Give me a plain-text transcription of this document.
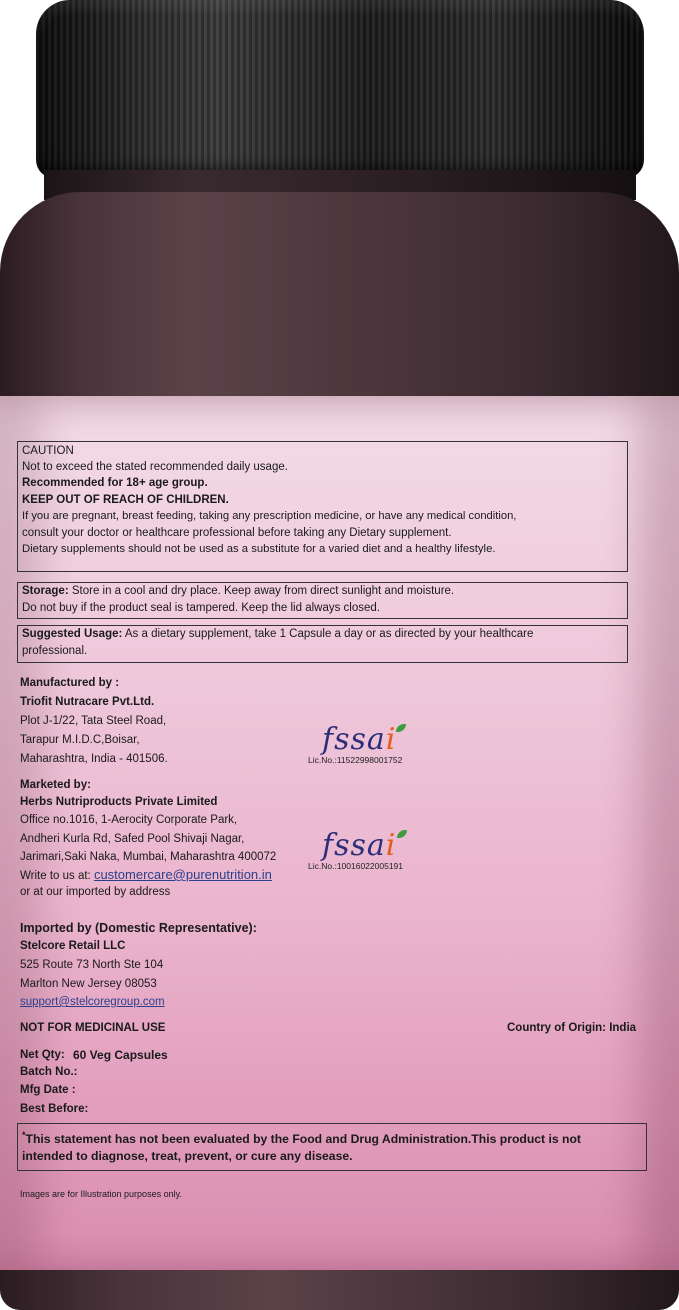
CAUTION
Not to exceed the stated recommended daily usage.
Recommended for 18+ age group.
KEEP OUT OF REACH OF CHILDREN.
If you are pregnant, breast feeding, taking any prescription medicine, or have any medical condition,
consult your doctor or healthcare professional before taking any Dietary supplement.
Dietary supplements should not be used as a substitute for a varied diet and a healthy lifestyle.
Storage: Store in a cool and dry place. Keep away from direct sunlight and moisture.
Do not buy if the product seal is tampered. Keep the lid always closed.
Suggested Usage: As a dietary supplement, take 1 Capsule a day or as directed by your healthcare
professional.
Manufactured by :
Triofit Nutracare Pvt.Ltd.
Plot J-1/22, Tata Steel Road,
Tarapur M.I.D.C,Boisar,
Maharashtra, India - 401506.
fssai
Lic.No.:11522998001752
Marketed by:
Herbs Nutriproducts Private Limited
Office no.1016, 1-Aerocity Corporate Park,
Andheri Kurla Rd, Safed Pool Shivaji Nagar,
Jarimari,Saki Naka, Mumbai, Maharashtra 400072
Write to us at: customercare@purenutrition.in
or at our imported by address
fssai
Lic.No.:10016022005191
Imported by (Domestic Representative):
Stelcore Retail LLC
525 Route 73 North Ste 104
Marlton New Jersey 08053
support@stelcoregroup.com
NOT FOR MEDICINAL USE	Country of Origin: India
Net Qty: 60 Veg Capsules
Batch No.:
Mfg Date :
Best Before:
*This statement has not been evaluated by the Food and Drug Administration.This product is not
intended to diagnose, treat, prevent, or cure any disease.
Images are for Illustration purposes only.
